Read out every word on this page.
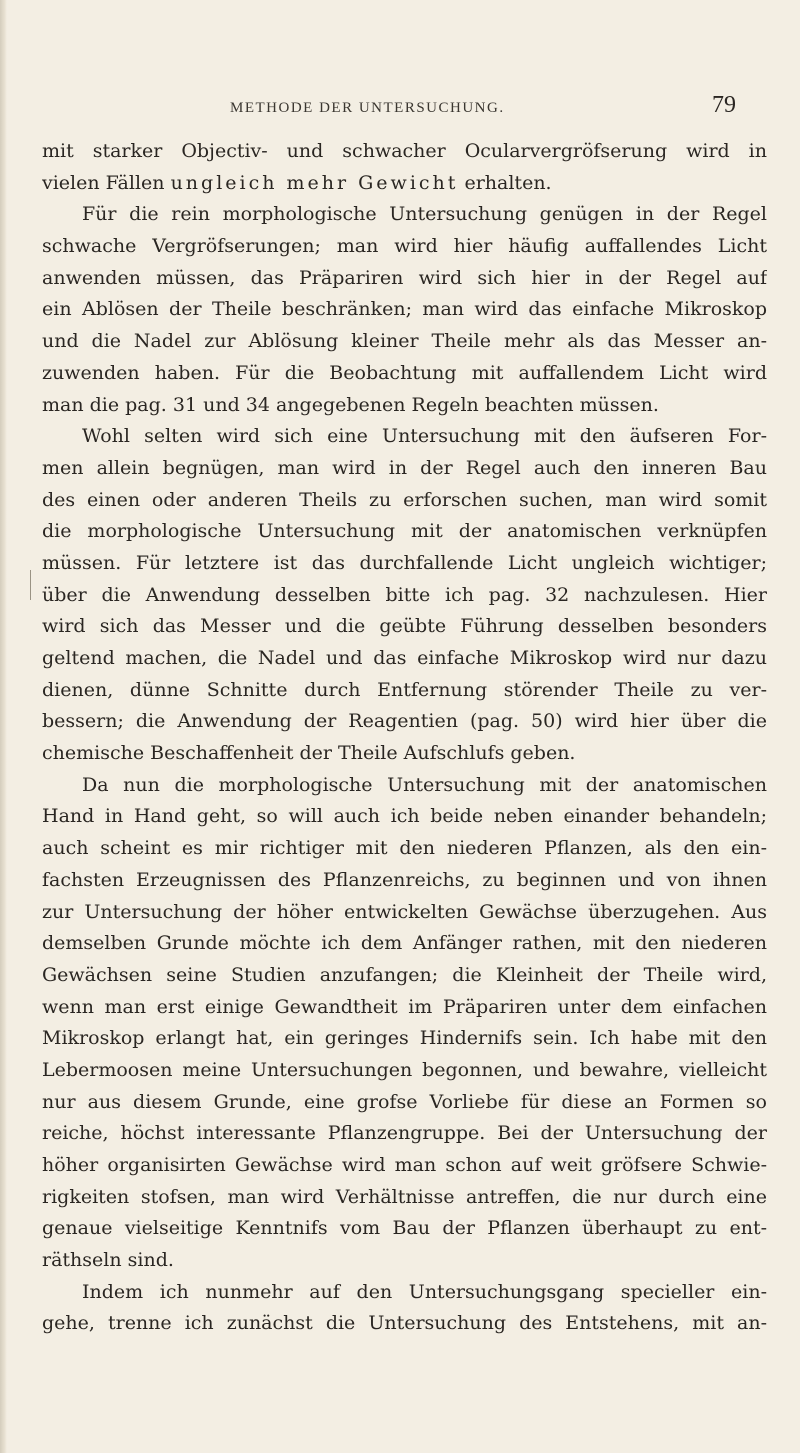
METHODE DER UNTERSUCHUNG.	79
mit starker Objectiv- und schwacher Ocularvergröfserung wird in
vielen Fällen ungleich mehr Gewicht erhalten.
Für die rein morphologische Untersuchung genügen in der Regel
schwache Vergröfserungen; man wird hier häufig auffallendes Licht
anwenden müssen, das Präpariren wird sich hier in der Regel auf
ein Ablösen der Theile beschränken; man wird das einfache Mikroskop
und die Nadel zur Ablösung kleiner Theile mehr als das Messer an-
zuwenden haben. Für die Beobachtung mit auffallendem Licht wird
man die pag. 31 und 34 angegebenen Regeln beachten müssen.
Wohl selten wird sich eine Untersuchung mit den äufseren For-
men allein begnügen, man wird in der Regel auch den inneren Bau
des einen oder anderen Theils zu erforschen suchen, man wird somit
die morphologische Untersuchung mit der anatomischen verknüpfen
müssen. Für letztere ist das durchfallende Licht ungleich wichtiger;
über die Anwendung desselben bitte ich pag. 32 nachzulesen. Hier
wird sich das Messer und die geübte Führung desselben besonders
geltend machen, die Nadel und das einfache Mikroskop wird nur dazu
dienen, dünne Schnitte durch Entfernung störender Theile zu ver-
bessern; die Anwendung der Reagentien (pag. 50) wird hier über die
chemische Beschaffenheit der Theile Aufschlufs geben.
Da nun die morphologische Untersuchung mit der anatomischen
Hand in Hand geht, so will auch ich beide neben einander behandeln;
auch scheint es mir richtiger mit den niederen Pflanzen, als den ein-
fachsten Erzeugnissen des Pflanzenreichs, zu beginnen und von ihnen
zur Untersuchung der höher entwickelten Gewächse überzugehen. Aus
demselben Grunde möchte ich dem Anfänger rathen, mit den niederen
Gewächsen seine Studien anzufangen; die Kleinheit der Theile wird,
wenn man erst einige Gewandtheit im Präpariren unter dem einfachen
Mikroskop erlangt hat, ein geringes Hindernifs sein. Ich habe mit den
Lebermoosen meine Untersuchungen begonnen, und bewahre, vielleicht
nur aus diesem Grunde, eine grofse Vorliebe für diese an Formen so
reiche, höchst interessante Pflanzengruppe. Bei der Untersuchung der
höher organisirten Gewächse wird man schon auf weit gröfsere Schwie-
rigkeiten stofsen, man wird Verhältnisse antreffen, die nur durch eine
genaue vielseitige Kenntnifs vom Bau der Pflanzen überhaupt zu ent-
räthseln sind.
Indem ich nunmehr auf den Untersuchungsgang specieller ein-
gehe, trenne ich zunächst die Untersuchung des Entstehens, mit an-
